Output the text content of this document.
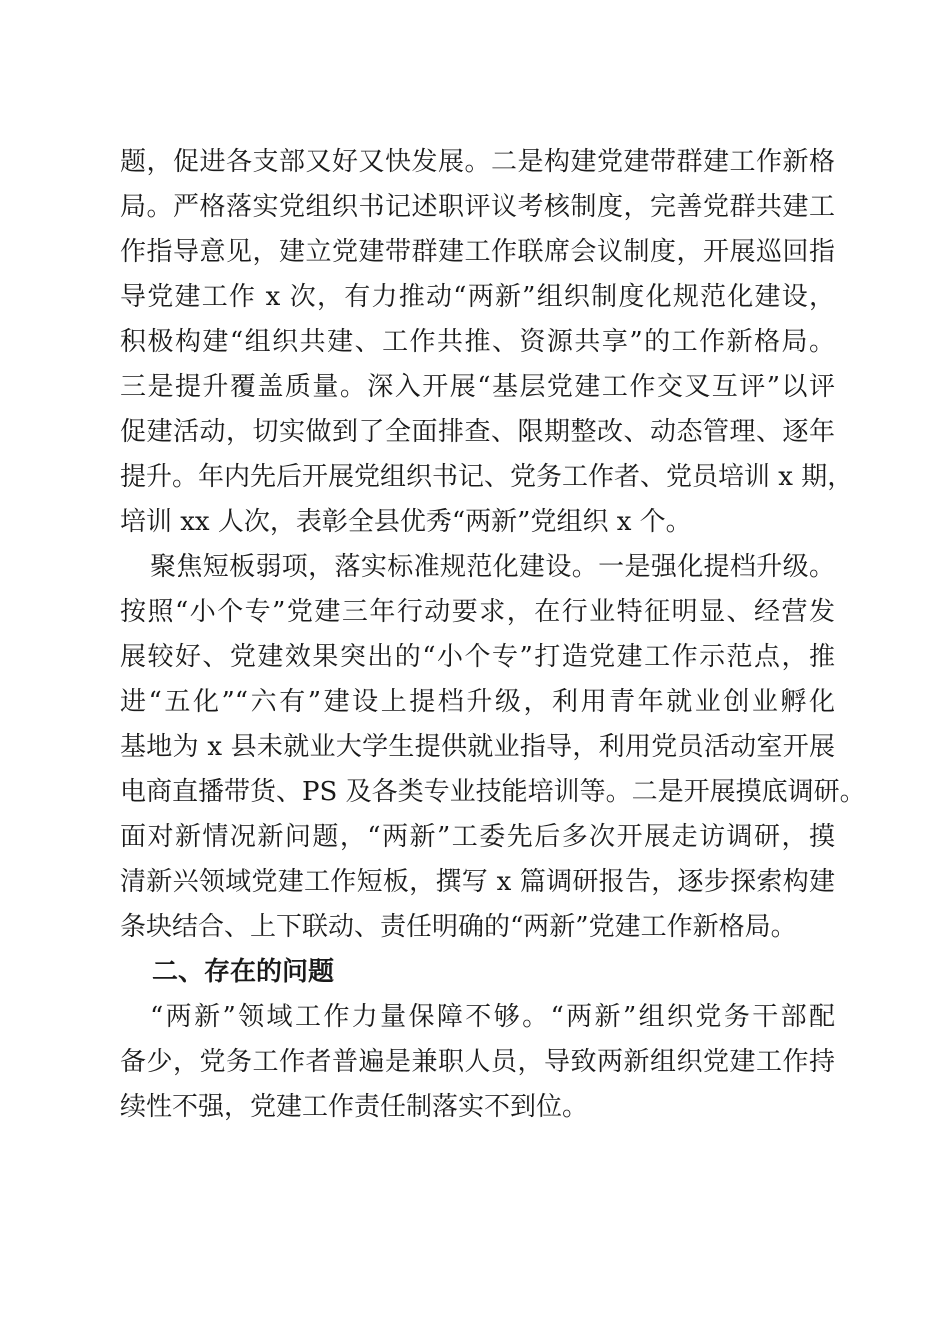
题，促进各支部又好又快发展。二是构建党建带群建工作新格
局。严格落实党组织书记述职评议考核制度，完善党群共建工
作指导意见，建立党建带群建工作联席会议制度，开展巡回指
导党建工作 x 次，有力推动“两新”组织制度化规范化建设，
积极构建“组织共建、工作共推、资源共享”的工作新格局。
三是提升覆盖质量。深入开展“基层党建工作交叉互评”以评
促建活动，切实做到了全面排查、限期整改、动态管理、逐年
提升。年内先后开展党组织书记、党务工作者、党员培训 x 期，
培训 xx 人次，表彰全县优秀“两新”党组织 x 个。
聚焦短板弱项，落实标准规范化建设。一是强化提档升级。
按照“小个专”党建三年行动要求，在行业特征明显、经营发
展较好、党建效果突出的“小个专”打造党建工作示范点，推
进“五化”“六有”建设上提档升级，利用青年就业创业孵化
基地为 x 县未就业大学生提供就业指导，利用党员活动室开展
电商直播带货、PS 及各类专业技能培训等。二是开展摸底调研。
面对新情况新问题，“两新”工委先后多次开展走访调研，摸
清新兴领域党建工作短板，撰写 x 篇调研报告，逐步探索构建
条块结合、上下联动、责任明确的“两新”党建工作新格局。
二、存在的问题
“两新”领域工作力量保障不够。“两新”组织党务干部配
备少，党务工作者普遍是兼职人员，导致两新组织党建工作持
续性不强，党建工作责任制落实不到位。
